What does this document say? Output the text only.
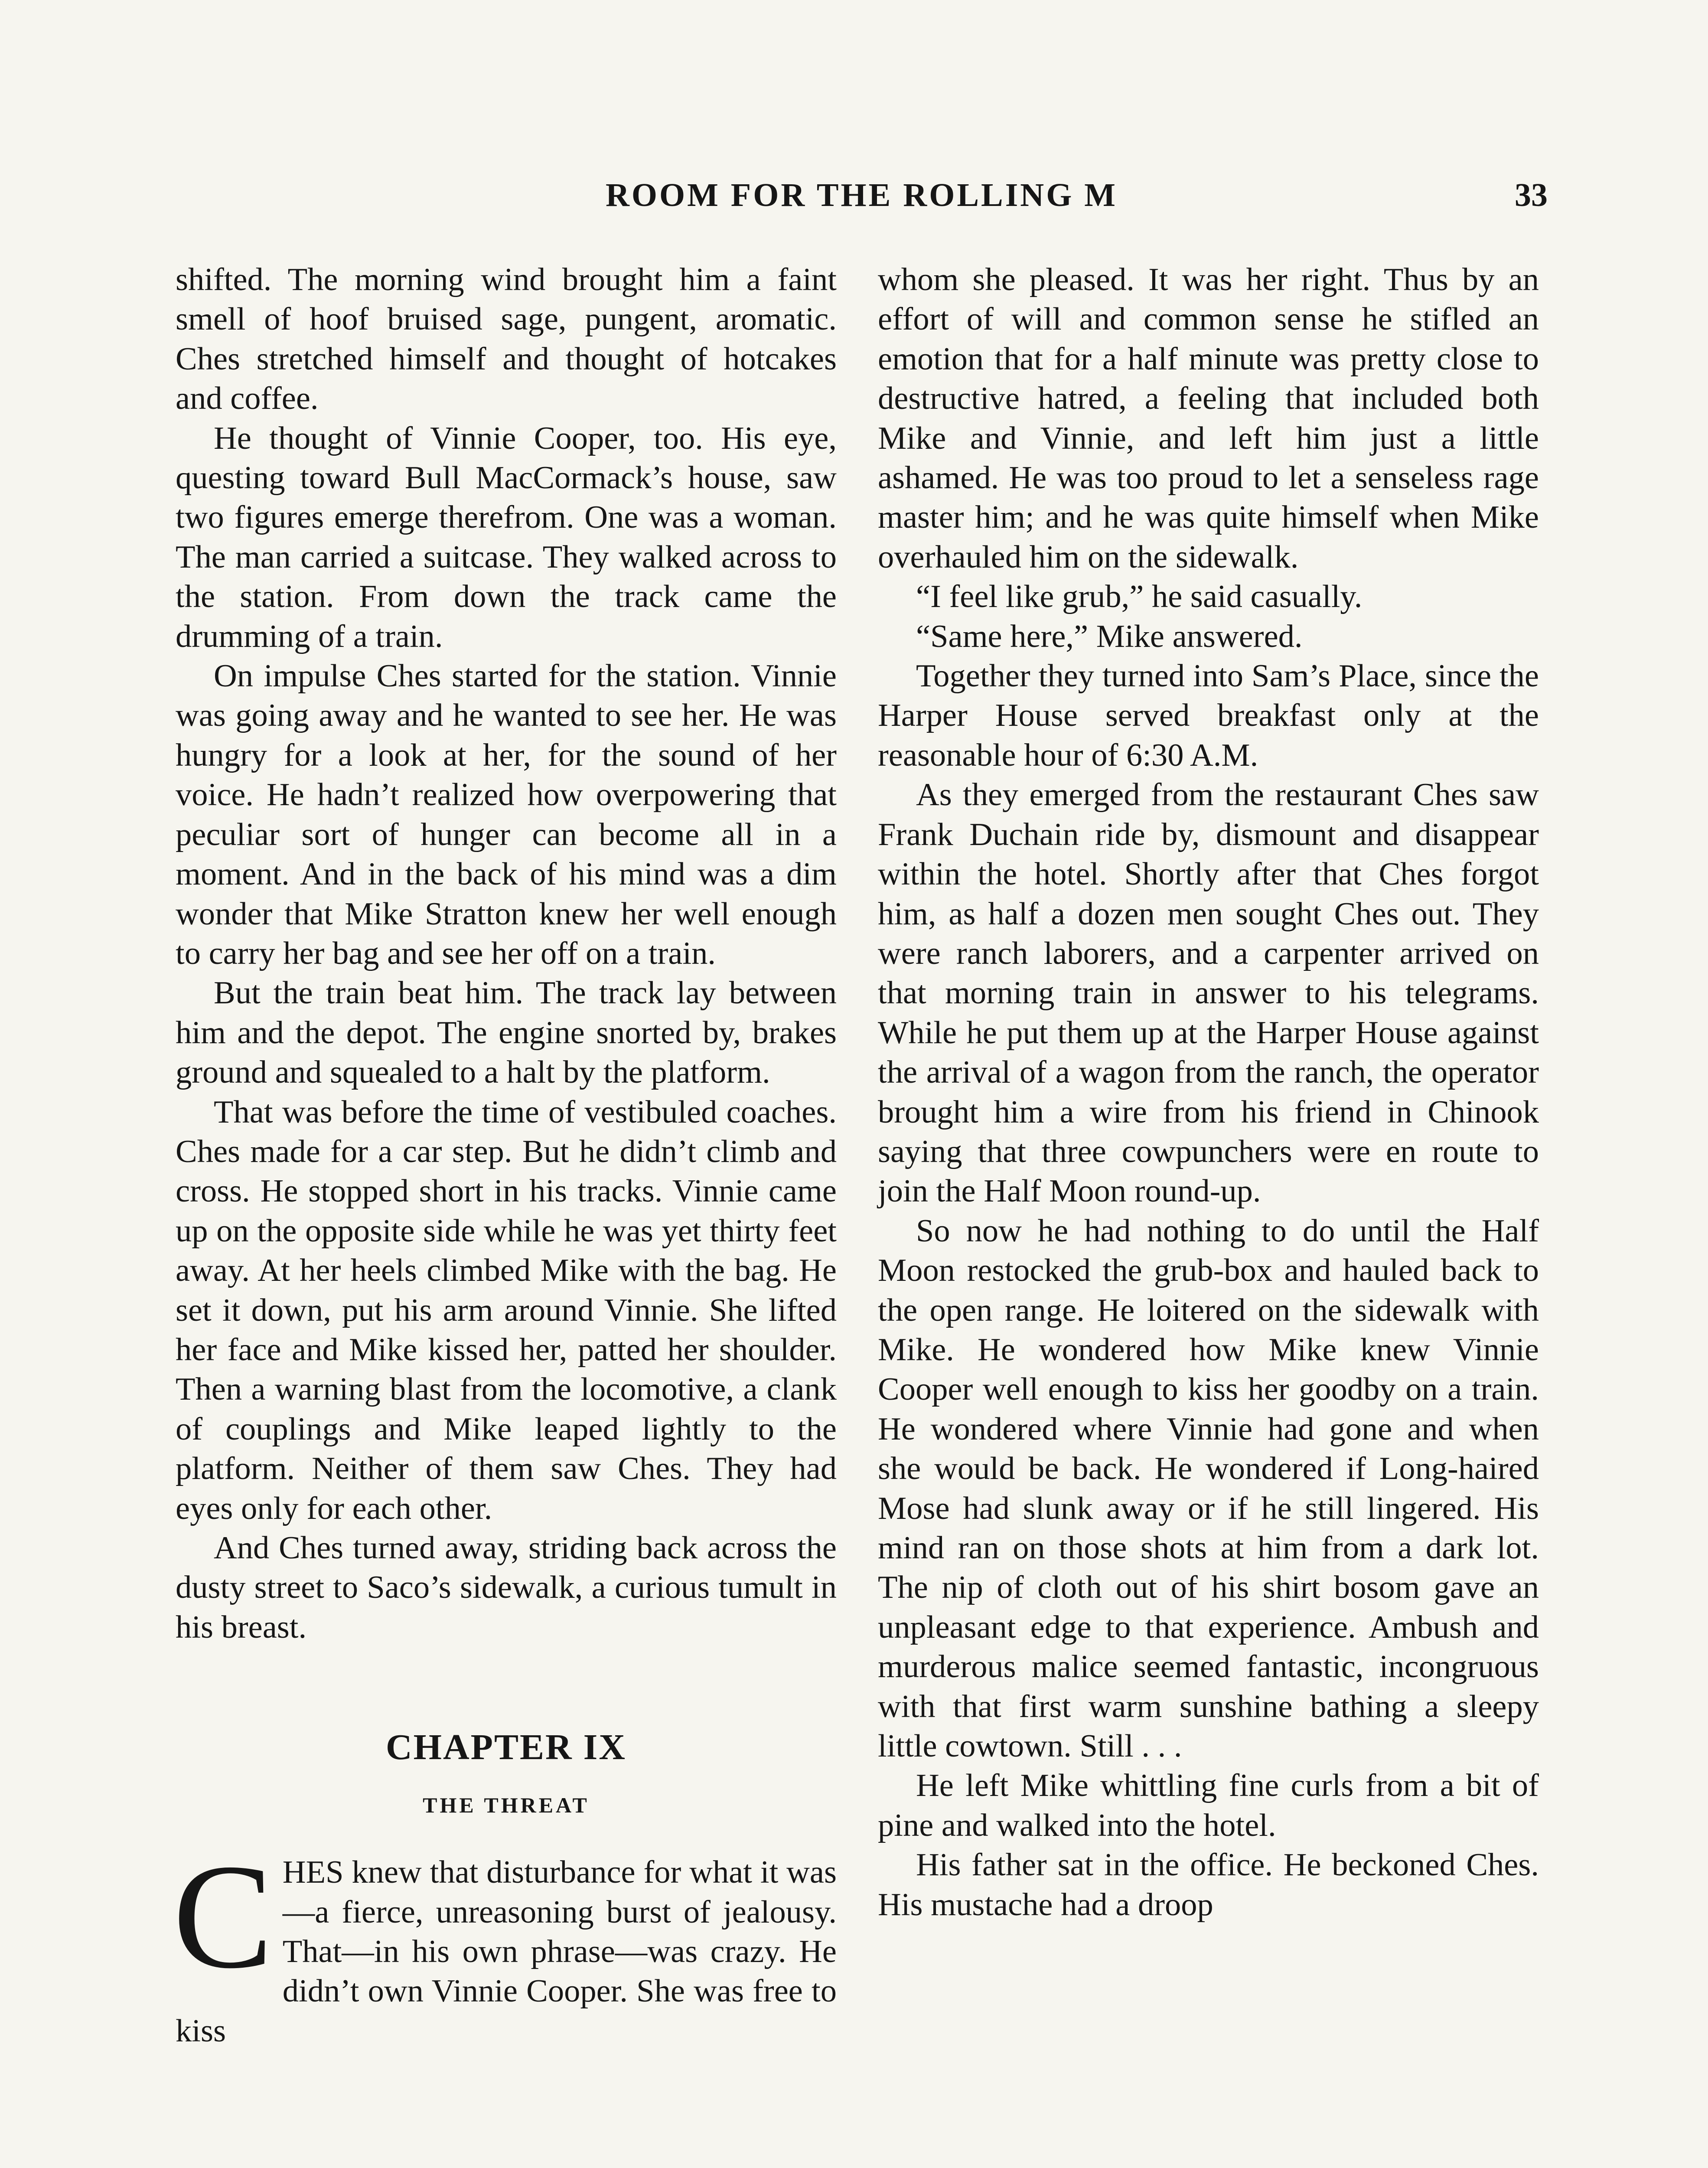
ROOM FOR THE ROLLING M	33

shifted. The morning wind brought him a faint smell of hoof bruised sage, pungent, aromatic. Ches stretched himself and thought of hotcakes and coffee.

He thought of Vinnie Cooper, too. His eye, questing toward Bull MacCormack’s house, saw two figures emerge therefrom. One was a woman. The man carried a suitcase. They walked across to the station. From down the track came the drumming of a train.

On impulse Ches started for the station. Vinnie was going away and he wanted to see her. He was hungry for a look at her, for the sound of her voice. He hadn’t realized how overpowering that peculiar sort of hunger can become all in a moment. And in the back of his mind was a dim wonder that Mike Stratton knew her well enough to carry her bag and see her off on a train.

But the train beat him. The track lay between him and the depot. The engine snorted by, brakes ground and squealed to a halt by the platform.

That was before the time of vestibuled coaches. Ches made for a car step. But he didn’t climb and cross. He stopped short in his tracks. Vinnie came up on the opposite side while he was yet thirty feet away. At her heels climbed Mike with the bag. He set it down, put his arm around Vinnie. She lifted her face and Mike kissed her, patted her shoulder. Then a warning blast from the locomotive, a clank of couplings and Mike leaped lightly to the platform. Neither of them saw Ches. They had eyes only for each other.

And Ches turned away, striding back across the dusty street to Saco’s sidewalk, a curious tumult in his breast.

CHAPTER IX
THE THREAT
C HES knew that disturbance for what it was—a fierce, unreasoning burst of jealousy. That—in his own phrase—was crazy. He didn’t own Vinnie Cooper. She was free to kiss

whom she pleased. It was her right. Thus by an effort of will and common sense he stifled an emotion that for a half minute was pretty close to destructive hatred, a feeling that included both Mike and Vinnie, and left him just a little ashamed. He was too proud to let a senseless rage master him; and he was quite himself when Mike overhauled him on the sidewalk.

“I feel like grub,” he said casually.

“Same here,” Mike answered.

Together they turned into Sam’s Place, since the Harper House served breakfast only at the reasonable hour of 6:30 A.M.

As they emerged from the restaurant Ches saw Frank Duchain ride by, dismount and disappear within the hotel. Shortly after that Ches forgot him, as half a dozen men sought Ches out. They were ranch laborers, and a carpenter arrived on that morning train in answer to his telegrams. While he put them up at the Harper House against the arrival of a wagon from the ranch, the operator brought him a wire from his friend in Chinook saying that three cowpunchers were en route to join the Half Moon round-up.

So now he had nothing to do until the Half Moon restocked the grub-box and hauled back to the open range. He loitered on the sidewalk with Mike. He wondered how Mike knew Vinnie Cooper well enough to kiss her goodby on a train. He wondered where Vinnie had gone and when she would be back. He wondered if Long-haired Mose had slunk away or if he still lingered. His mind ran on those shots at him from a dark lot. The nip of cloth out of his shirt bosom gave an unpleasant edge to that experience. Ambush and murderous malice seemed fantastic, incongruous with that first warm sunshine bathing a sleepy little cowtown. Still . . .

He left Mike whittling fine curls from a bit of pine and walked into the hotel.

His father sat in the office. He beckoned Ches. His mustache had a droop
